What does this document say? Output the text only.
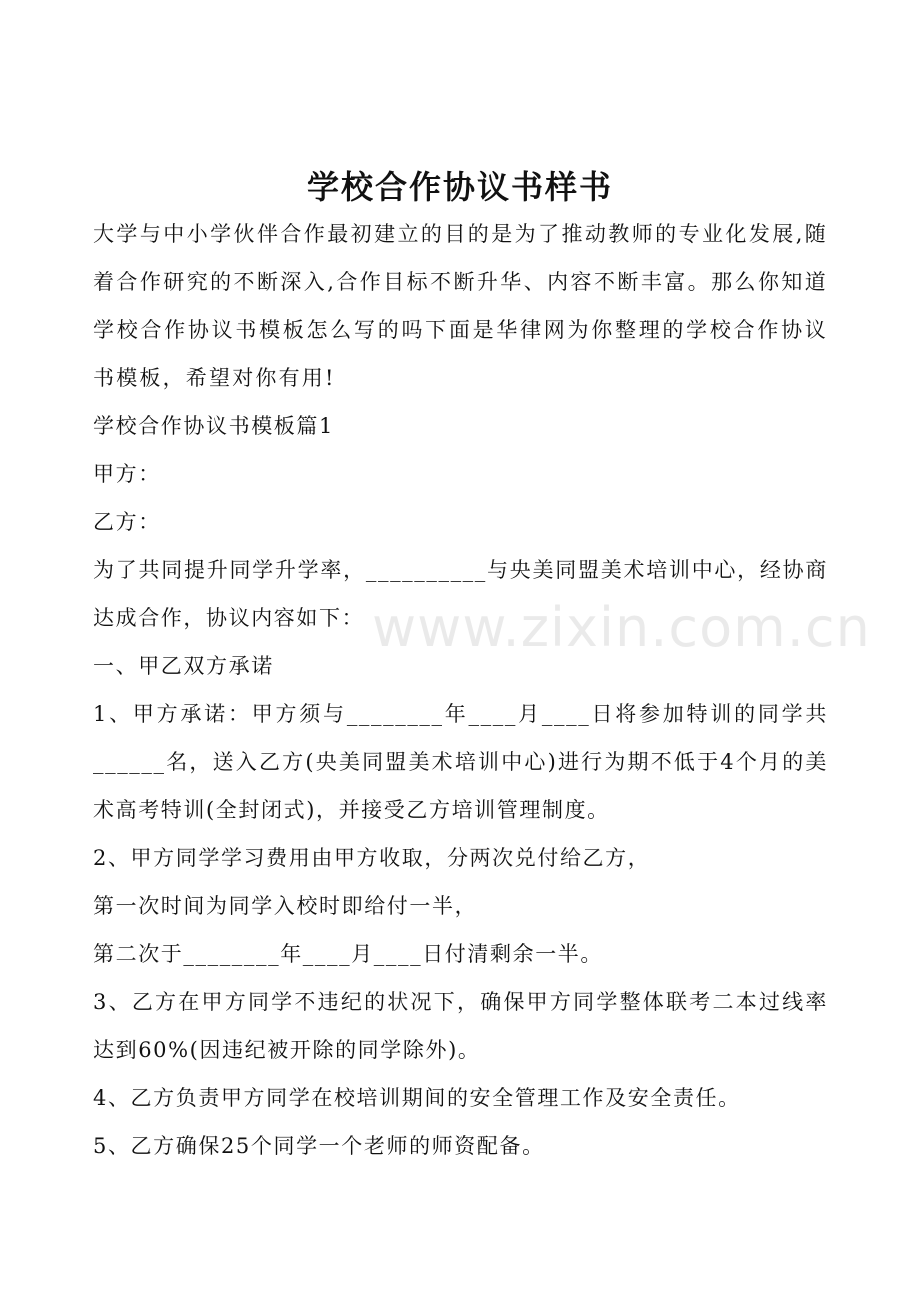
学校合作协议书样书

大学与中小学伙伴合作最初建立的目的是为了推动教师的专业化发展,随着合作研究的不断深入,合作目标不断升华、内容不断丰富。那么你知道学校合作协议书模板怎么写的吗下面是华律网为你整理的学校合作协议书模板，希望对你有用!

学校合作协议书模板篇1

甲方：

乙方：

为了共同提升同学升学率，__________与央美同盟美术培训中心，经协商达成合作，协议内容如下：

一、甲乙双方承诺

1、甲方承诺：甲方须与________年____月____日将参加特训的同学共______名，送入乙方(央美同盟美术培训中心)进行为期不低于4个月的美术高考特训(全封闭式)，并接受乙方培训管理制度。

2、甲方同学学习费用由甲方收取，分两次兑付给乙方，

第一次时间为同学入校时即给付一半，

第二次于________年____月____日付清剩余一半。

3、乙方在甲方同学不违纪的状况下，确保甲方同学整体联考二本过线率达到60%(因违纪被开除的同学除外)。

4、乙方负责甲方同学在校培训期间的安全管理工作及安全责任。

5、乙方确保25个同学一个老师的师资配备。

www.zixin.com.cn
